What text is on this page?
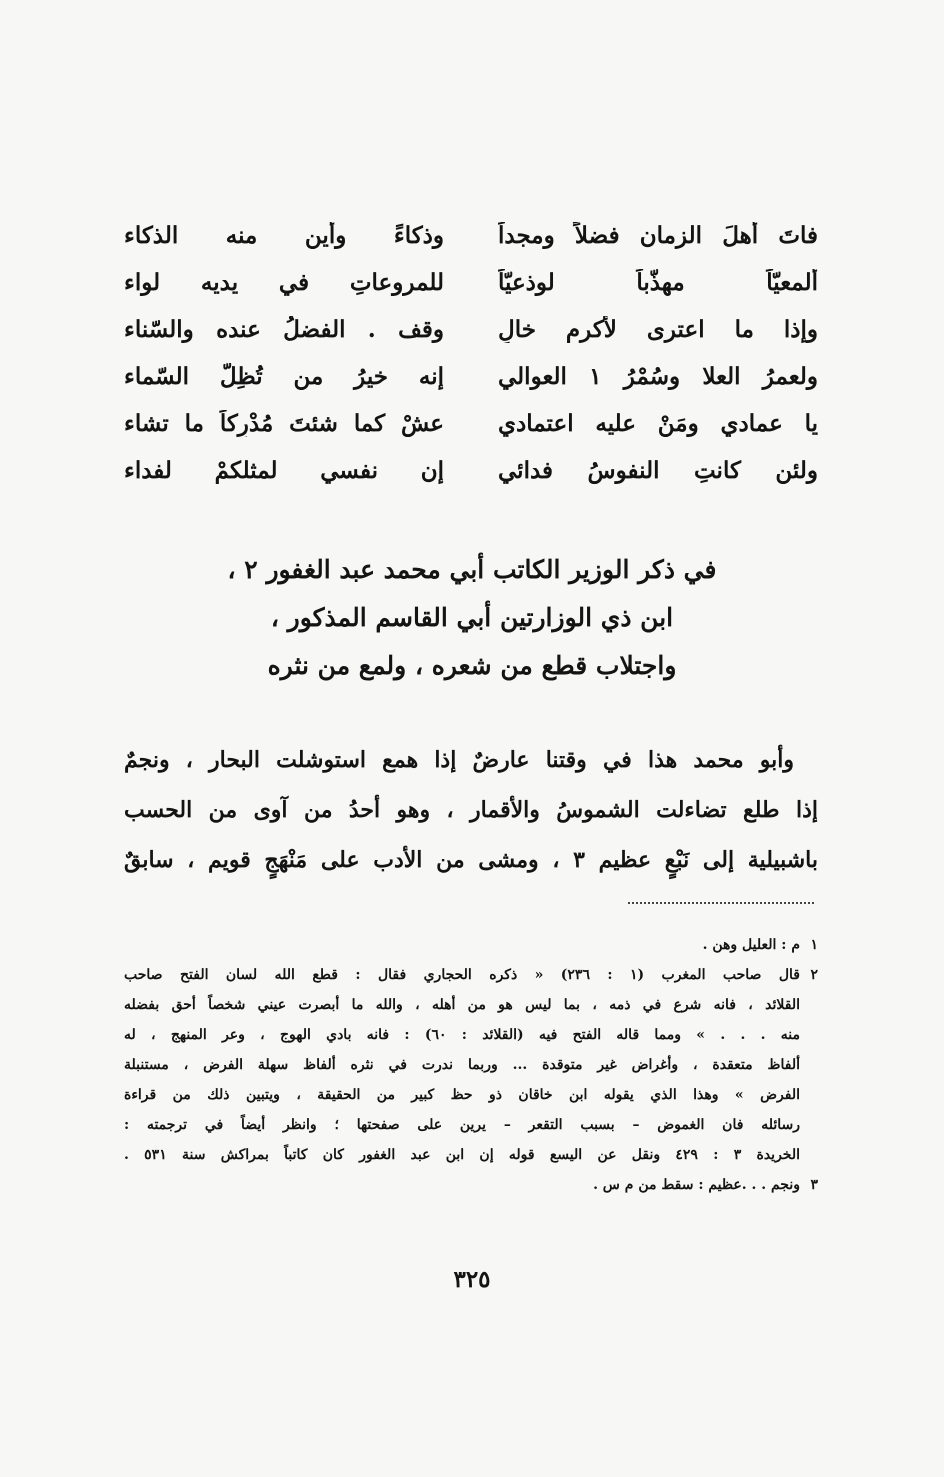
فاتَ أهلَ الزمان فضلاً ومجداً
وذكاءً وأين منه الذكاء
ألمعيّاً مهذّباً لوذعيّاً
للمروعاتِ في يديه لواء
وإذا ما اعترى لأكرمِ خالٍ
وقف . الفضلُ عنده والسّناء
ولعمرُ العلا وسُمْرُ ١ العوالي
إنه خيرُ من تُظِلّ السّماء
يا عمادي ومَنْ عليه اعتمادي
عشْ كما شئتَ مُدْرِكاً ما تشاء
ولئن كانتِ النفوسُ فدائي
إن نفسي لمثلكمْ لفداء
في ذكر الوزير الكاتب أبي محمد عبد الغفور ٢ ،
ابن ذي الوزارتين أبي القاسم المذكور ،
واجتلاب قطع من شعره ، ولمع من نثره
وأبو محمد هذا في وقتنا عارضٌ إذا همع استوشلت البحار ، ونجمٌ
إذا طلع تضاءلت الشموسُ والأقمار ، وهو أحدُ من آوى من الحسب
باشبيلية إلى نَبْعٍ عظيم ٣ ، ومشى من الأدب على مَنْهَجٍ قويم ، سابقٌ
١م : العليل وهن .
٢قال صاحب المغرب (١ : ٢٣٦) « ذكره الحجاري فقال : قطع الله لسان الفتح صاحب
القلائد ، فانه شرع في ذمه ، بما ليس هو من أهله ، والله ما أبصرت عيني شخصاً أحق بفضله
منه . . . » ومما قاله الفتح فيه (القلائد : ٦٠) : فانه بادي الهوج ، وعر المنهج ، له
ألفاظ متعقدة ، وأغراض غير متوقدة ... وربما ندرت في نثره ألفاظ سهلة الفرض ، مستنبلة
الفرض » وهذا الذي يقوله ابن خاقان ذو حظ كبير من الحقيقة ، ويتبين ذلك من قراءة
رسائله فان الغموض – بسبب التقعر – يرين على صفحتها ؛ وانظر أيضاً في ترجمته :
الخريدة ٣ : ٤٢٩ ونقل عن اليسع قوله إن ابن عبد الغفور كان كاتباً بمراكش سنة ٥٣١ .
٣ونجم . . .عظيم : سقط من م س .
٣٢٥
